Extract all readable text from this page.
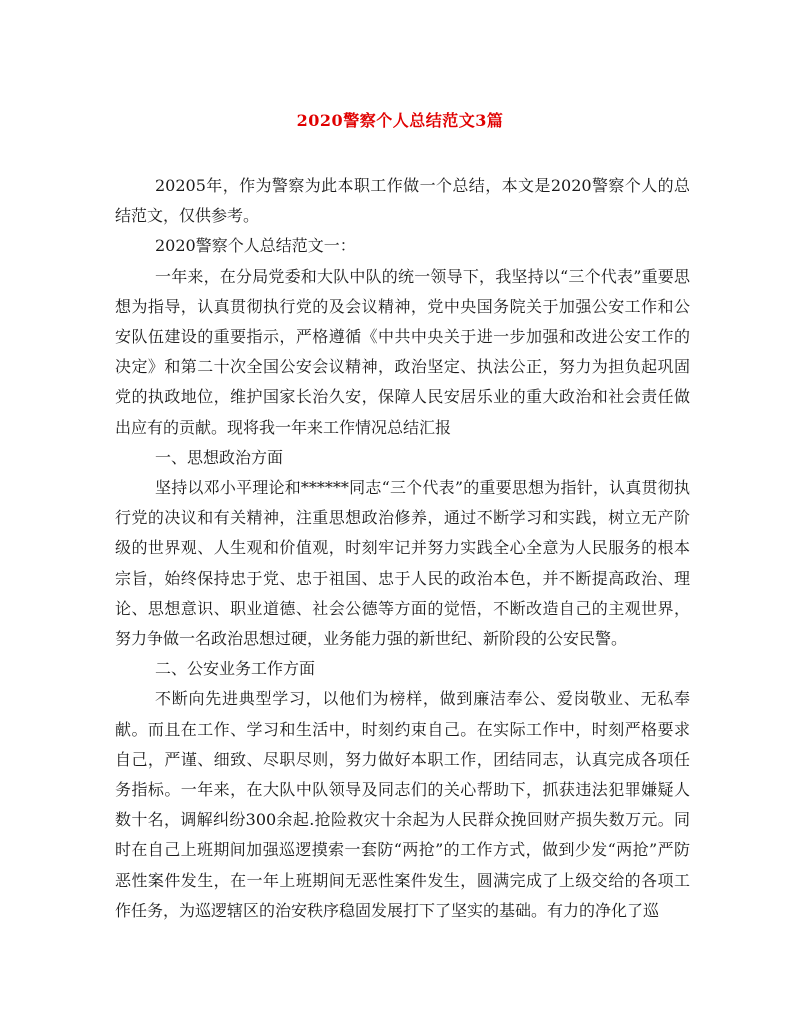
2020警察个人总结范文3篇

20205年，作为警察为此本职工作做一个总结，本文是2020警察个人的总结范文，仅供参考。

2020警察个人总结范文一：

一年来，在分局党委和大队中队的统一领导下，我坚持以“三个代表”重要思想为指导，认真贯彻执行党的及会议精神，党中央国务院关于加强公安工作和公安队伍建设的重要指示，严格遵循《中共中央关于进一步加强和改进公安工作的决定》和第二十次全国公安会议精神，政治坚定、执法公正，努力为担负起巩固党的执政地位，维护国家长治久安，保障人民安居乐业的重大政治和社会责任做出应有的贡献。现将我一年来工作情况总结汇报

一、思想政治方面

坚持以邓小平理论和******同志“三个代表”的重要思想为指针，认真贯彻执行党的决议和有关精神，注重思想政治修养，通过不断学习和实践，树立无产阶级的世界观、人生观和价值观，时刻牢记并努力实践全心全意为人民服务的根本宗旨，始终保持忠于党、忠于祖国、忠于人民的政治本色，并不断提高政治、理论、思想意识、职业道德、社会公德等方面的觉悟，不断改造自己的主观世界，努力争做一名政治思想过硬，业务能力强的新世纪、新阶段的公安民警。

二、公安业务工作方面

不断向先进典型学习，以他们为榜样，做到廉洁奉公、爱岗敬业、无私奉献。而且在工作、学习和生活中，时刻约束自己。在实际工作中，时刻严格要求自己，严谨、细致、尽职尽则，努力做好本职工作，团结同志，认真完成各项任务指标。一年来，在大队中队领导及同志们的关心帮助下，抓获违法犯罪嫌疑人数十名，调解纠纷300余起.抢险救灾十余起为人民群众挽回财产损失数万元。同时在自己上班期间加强巡逻摸索一套防“两抢”的工作方式，做到少发“两抢”严防恶性案件发生，在一年上班期间无恶性案件发生，圆满完成了上级交给的各项工作任务，为巡逻辖区的治安秩序稳固发展打下了坚实的基础。有力的净化了巡
